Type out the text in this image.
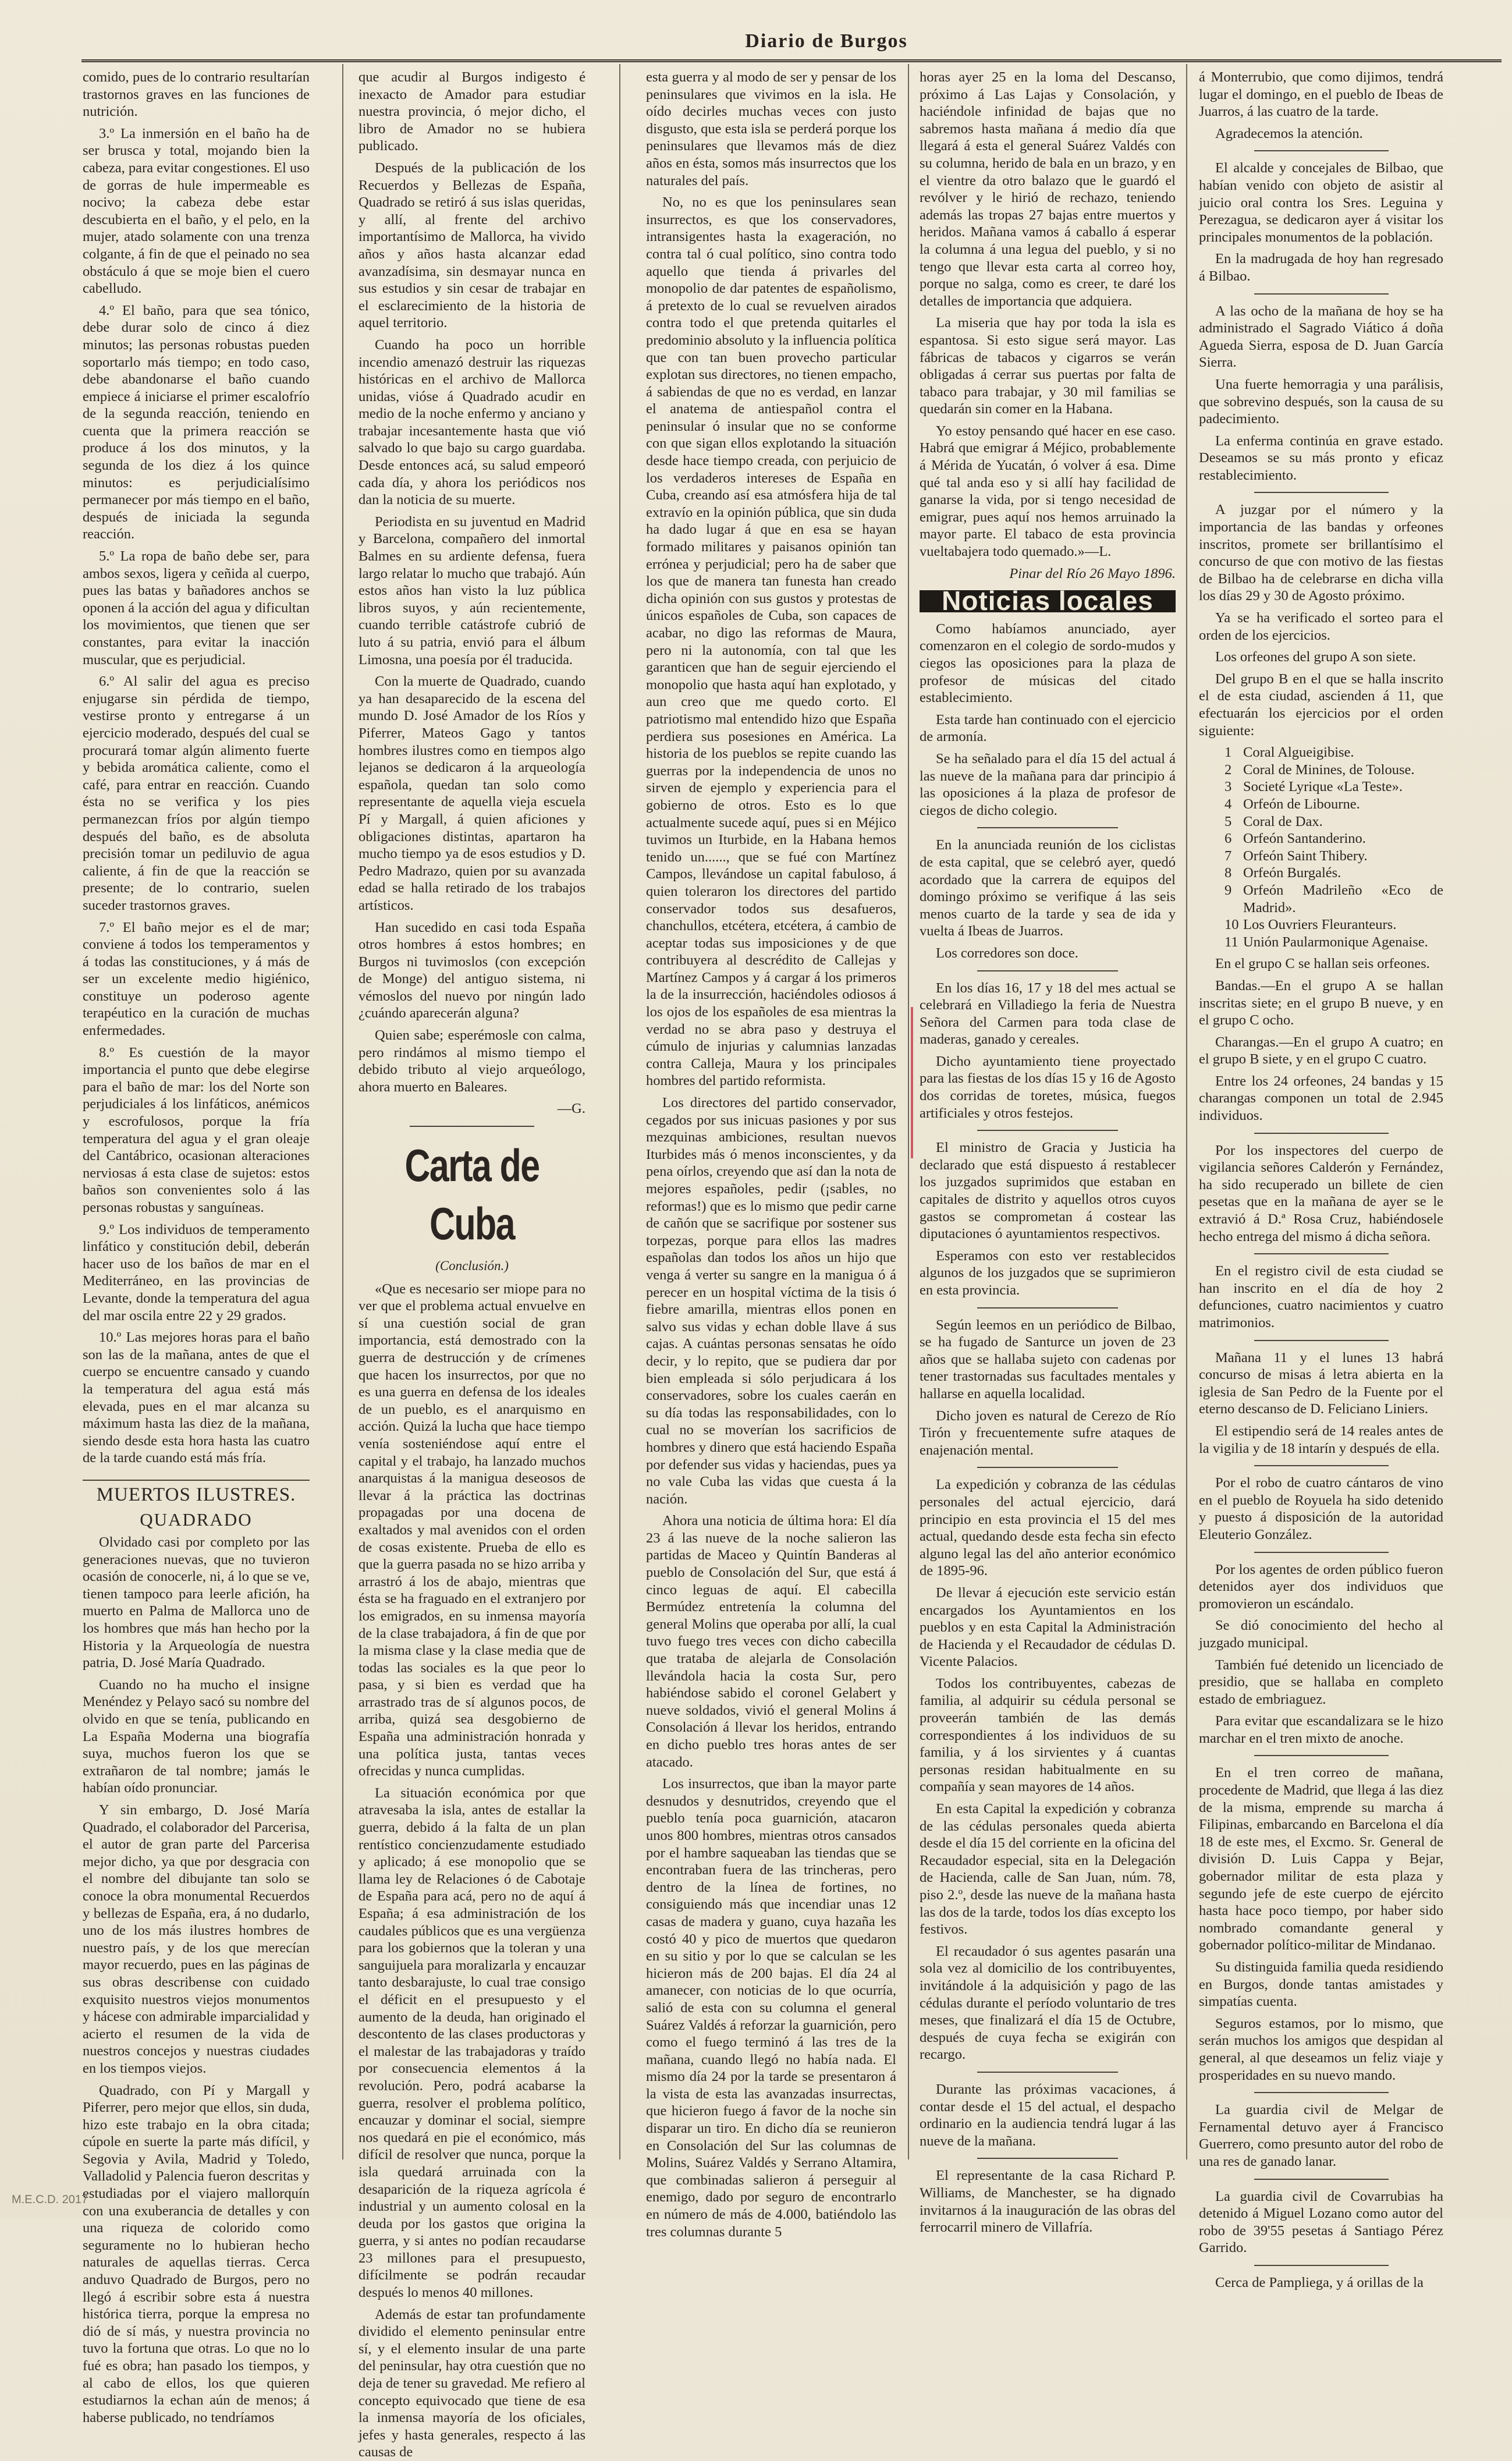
Diario de Burgos

comido, pues de lo contrario resultarían trastornos graves en las funciones de nutrición.

3.º La inmersión en el baño ha de ser brusca y total, mojando bien la cabeza, para evitar congestiones. El uso de gorras de hule impermeable es nocivo; la cabeza debe estar descubierta en el baño, y el pelo, en la mujer, atado solamente con una trenza colgante, á fin de que el peinado no sea obstáculo á que se moje bien el cuero cabelludo.

4.º El baño, para que sea tónico, debe durar solo de cinco á diez minutos; las personas robustas pueden soportarlo más tiempo; en todo caso, debe abandonarse el baño cuando empiece á iniciarse el primer escalofrío de la segunda reacción, teniendo en cuenta que la primera reacción se produce á los dos minutos, y la segunda de los diez á los quince minutos: es perjudicialísimo permanecer por más tiempo en el baño, después de iniciada la segunda reacción.

5.º La ropa de baño debe ser, para ambos sexos, ligera y ceñida al cuerpo, pues las batas y bañadores anchos se oponen á la acción del agua y dificultan los movimientos, que tienen que ser constantes, para evitar la inacción muscular, que es perjudicial.

6.º Al salir del agua es preciso enjugarse sin pérdida de tiempo, vestirse pronto y entregarse á un ejercicio moderado, después del cual se procurará tomar algún alimento fuerte y bebida aromática caliente, como el café, para entrar en reacción. Cuando ésta no se verifica y los pies permanezcan fríos por algún tiempo después del baño, es de absoluta precisión tomar un pediluvio de agua caliente, á fin de que la reacción se presente; de lo contrario, suelen suceder trastornos graves.

7.º El baño mejor es el de mar; conviene á todos los temperamentos y á todas las constituciones, y á más de ser un excelente medio higiénico, constituye un poderoso agente terapéutico en la curación de muchas enfermedades.

8.º Es cuestión de la mayor importancia el punto que debe elegirse para el baño de mar: los del Norte son perjudiciales á los linfáticos, anémicos y escrofulosos, porque la fría temperatura del agua y el gran oleaje del Cantábrico, ocasionan alteraciones nerviosas á esta clase de sujetos: estos baños son convenientes solo á las personas robustas y sanguíneas.

9.º Los individuos de temperamento linfático y constitución debil, deberán hacer uso de los baños de mar en el Mediterráneo, en las provincias de Levante, donde la temperatura del agua del mar oscila entre 22 y 29 grados.

10.º Las mejores horas para el baño son las de la mañana, antes de que el cuerpo se encuentre cansado y cuando la temperatura del agua está más elevada, pues en el mar alcanza su máximum hasta las diez de la mañana, siendo desde esta hora hasta las cuatro de la tarde cuando está más fría.

MUERTOS ILUSTRES.
QUADRADO

Olvidado casi por completo por las generaciones nuevas, que no tuvieron ocasión de conocerle, ni, á lo que se ve, tienen tampoco para leerle afición, ha muerto en Palma de Mallorca uno de los hombres que más han hecho por la Historia y la Arqueología de nuestra patria, D. José María Quadrado.

Cuando no ha mucho el insigne Menéndez y Pelayo sacó su nombre del olvido en que se tenía, publicando en La España Moderna una biografía suya, muchos fueron los que se extrañaron de tal nombre; jamás le habían oído pronunciar.

Y sin embargo, D. José María Quadrado, el colaborador del Parcerisa, el autor de gran parte del Parcerisa mejor dicho, ya que por desgracia con el nombre del dibujante tan solo se conoce la obra monumental Recuerdos y bellezas de España, era, á no dudarlo, uno de los más ilustres hombres de nuestro país, y de los que merecían mayor recuerdo, pues en las páginas de sus obras describense con cuidado exquisito nuestros viejos monumentos y hácese con admirable imparcialidad y acierto el resumen de la vida de nuestros concejos y nuestras ciudades en los tiempos viejos.

Quadrado, con Pí y Margall y Piferrer, pero mejor que ellos, sin duda, hizo este trabajo en la obra citada; cúpole en suerte la parte más difícil, y Segovia y Avila, Madrid y Toledo, Valladolid y Palencia fueron descritas y estudiadas por el viajero mallorquín con una exuberancia de detalles y con una riqueza de colorido como seguramente no lo hubieran hecho naturales de aquellas tierras. Cerca anduvo Quadrado de Burgos, pero no llegó á escribir sobre esta á nuestra histórica tierra, porque la empresa no dió de sí más, y nuestra provincia no tuvo la fortuna que otras. Lo que no lo fué es obra; han pasado los tiempos, y al cabo de ellos, los que quieren estudiarnos la echan aún de menos; á haberse publicado, no tendríamos

que acudir al Burgos indigesto é inexacto de Amador para estudiar nuestra provincia, ó mejor dicho, el libro de Amador no se hubiera publicado.

Después de la publicación de los Recuerdos y Bellezas de España, Quadrado se retiró á sus islas queridas, y allí, al frente del archivo importantísimo de Mallorca, ha vivido años y años hasta alcanzar edad avanzadísima, sin desmayar nunca en sus estudios y sin cesar de trabajar en el esclarecimiento de la historia de aquel territorio.

Cuando ha poco un horrible incendio amenazó destruir las riquezas históricas en el archivo de Mallorca unidas, vióse á Quadrado acudir en medio de la noche enfermo y anciano y trabajar incesantemente hasta que vió salvado lo que bajo su cargo guardaba. Desde entonces acá, su salud empeoró cada día, y ahora los periódicos nos dan la noticia de su muerte.

Periodista en su juventud en Madrid y Barcelona, compañero del inmortal Balmes en su ardiente defensa, fuera largo relatar lo mucho que trabajó. Aún estos años han visto la luz pública libros suyos, y aún recientemente, cuando terrible catástrofe cubrió de luto á su patria, envió para el álbum Limosna, una poesía por él traducida.

Con la muerte de Quadrado, cuando ya han desaparecido de la escena del mundo D. José Amador de los Ríos y Piferrer, Mateos Gago y tantos hombres ilustres como en tiempos algo lejanos se dedicaron á la arqueología española, quedan tan solo como representante de aquella vieja escuela Pí y Margall, á quien aficiones y obligaciones distintas, apartaron ha mucho tiempo ya de esos estudios y D. Pedro Madrazo, quien por su avanzada edad se halla retirado de los trabajos artísticos.

Han sucedido en casi toda España otros hombres á estos hombres; en Burgos ni tuvimoslos (con excepción de Monge) del antiguo sistema, ni vémoslos del nuevo por ningún lado ¿cuándo aparecerán alguna?

Quien sabe; esperémosle con calma, pero rindámos al mismo tiempo el debido tributo al viejo arqueólogo, ahora muerto en Baleares.

—G.
Carta de Cuba
(Conclusión.)

«Que es necesario ser miope para no ver que el problema actual envuelve en sí una cuestión social de gran importancia, está demostrado con la guerra de destrucción y de crímenes que hacen los insurrectos, por que no es una guerra en defensa de los ideales de un pueblo, es el anarquismo en acción. Quizá la lucha que hace tiempo venía sosteniéndose aquí entre el capital y el trabajo, ha lanzado muchos anarquistas á la manigua deseosos de llevar á la práctica las doctrinas propagadas por una docena de exaltados y mal avenidos con el orden de cosas existente. Prueba de ello es que la guerra pasada no se hizo arriba y arrastró á los de abajo, mientras que ésta se ha fraguado en el extranjero por los emigrados, en su inmensa mayoría de la clase trabajadora, á fin de que por la misma clase y la clase media que de todas las sociales es la que peor lo pasa, y si bien es verdad que ha arrastrado tras de sí algunos pocos, de arriba, quizá sea desgobierno de España una administración honrada y una política justa, tantas veces ofrecidas y nunca cumplidas.

La situación económica por que atravesaba la isla, antes de estallar la guerra, debido á la falta de un plan rentístico concienzudamente estudiado y aplicado; á ese monopolio que se llama ley de Relaciones ó de Cabotaje de España para acá, pero no de aquí á España; á esa administración de los caudales públicos que es una vergüenza para los gobiernos que la toleran y una sanguijuela para moralizarla y encauzar tanto desbarajuste, lo cual trae consigo el déficit en el presupuesto y el aumento de la deuda, han originado el descontento de las clases productoras y el malestar de las trabajadoras y traído por consecuencia elementos á la revolución. Pero, podrá acabarse la guerra, resolver el problema político, encauzar y dominar el social, siempre nos quedará en pie el económico, más difícil de resolver que nunca, porque la isla quedará arruinada con la desaparición de la riqueza agrícola é industrial y un aumento colosal en la deuda por los gastos que origina la guerra, y si antes no podían recaudarse 23 millones para el presupuesto, difícilmente se podrán recaudar después lo menos 40 millones.

Además de estar tan profundamente dividido el elemento peninsular entre sí, y el elemento insular de una parte del peninsular, hay otra cuestión que no deja de tener su gravedad. Me refiero al concepto equivocado que tiene de esa la inmensa mayoría de los oficiales, jefes y hasta generales, respecto á las causas de

esta guerra y al modo de ser y pensar de los peninsulares que vivimos en la isla. He oído decirles muchas veces con justo disgusto, que esta isla se perderá porque los peninsulares que llevamos más de diez años en ésta, somos más insurrectos que los naturales del país.

No, no es que los peninsulares sean insurrectos, es que los conservadores, intransigentes hasta la exageración, no contra tal ó cual político, sino contra todo aquello que tienda á privarles del monopolio de dar patentes de españolismo, á pretexto de lo cual se revuelven airados contra todo el que pretenda quitarles el predominio absoluto y la influencia política que con tan buen provecho particular explotan sus directores, no tienen empacho, á sabiendas de que no es verdad, en lanzar el anatema de antiespañol contra el peninsular ó insular que no se conforme con que sigan ellos explotando la situación desde hace tiempo creada, con perjuicio de los verdaderos intereses de España en Cuba, creando así esa atmósfera hija de tal extravío en la opinión pública, que sin duda ha dado lugar á que en esa se hayan formado militares y paisanos opinión tan errónea y perjudicial; pero ha de saber que los que de manera tan funesta han creado dicha opinión con sus gustos y protestas de únicos españoles de Cuba, son capaces de acabar, no digo las reformas de Maura, pero ni la autonomía, con tal que les garanticen que han de seguir ejerciendo el monopolio que hasta aquí han explotado, y aun creo que me quedo corto. El patriotismo mal entendido hizo que España perdiera sus posesiones en América. La historia de los pueblos se repite cuando las guerras por la independencia de unos no sirven de ejemplo y experiencia para el gobierno de otros. Esto es lo que actualmente sucede aquí, pues si en Méjico tuvimos un Iturbide, en la Habana hemos tenido un......, que se fué con Martínez Campos, llevándose un capital fabuloso, á quien toleraron los directores del partido conservador todos sus desafueros, chanchullos, etcétera, etcétera, á cambio de aceptar todas sus imposiciones y de que contribuyera al descrédito de Callejas y Martínez Campos y á cargar á los primeros la de la insurrección, haciéndoles odiosos á los ojos de los españoles de esa mientras la verdad no se abra paso y destruya el cúmulo de injurias y calumnias lanzadas contra Calleja, Maura y los principales hombres del partido reformista.

Los directores del partido conservador, cegados por sus inicuas pasiones y por sus mezquinas ambiciones, resultan nuevos Iturbides más ó menos inconscientes, y da pena oírlos, creyendo que así dan la nota de mejores españoles, pedir (¡sables, no reformas!) que es lo mismo que pedir carne de cañón que se sacrifique por sostener sus torpezas, porque para ellos las madres españolas dan todos los años un hijo que venga á verter su sangre en la manigua ó á perecer en un hospital víctima de la tisis ó fiebre amarilla, mientras ellos ponen en salvo sus vidas y echan doble llave á sus cajas. A cuántas personas sensatas he oído decir, y lo repito, que se pudiera dar por bien empleada si sólo perjudicara á los conservadores, sobre los cuales caerán en su día todas las responsabilidades, con lo cual no se moverían los sacrificios de hombres y dinero que está haciendo España por defender sus vidas y haciendas, pues ya no vale Cuba las vidas que cuesta á la nación.

Ahora una noticia de última hora: El día 23 á las nueve de la noche salieron las partidas de Maceo y Quintín Banderas al pueblo de Consolación del Sur, que está á cinco leguas de aquí. El cabecilla Bermúdez entretenía la columna del general Molins que operaba por allí, la cual tuvo fuego tres veces con dicho cabecilla que trataba de alejarla de Consolación llevándola hacia la costa Sur, pero habiéndose sabido el coronel Gelabert y nueve soldados, vivió el general Molins á Consolación á llevar los heridos, entrando en dicho pueblo tres horas antes de ser atacado.

Los insurrectos, que iban la mayor parte desnudos y desnutridos, creyendo que el pueblo tenía poca guarnición, atacaron unos 800 hombres, mientras otros cansados por el hambre saqueaban las tiendas que se encontraban fuera de las trincheras, pero dentro de la línea de fortines, no consiguiendo más que incendiar unas 12 casas de madera y guano, cuya hazaña les costó 40 y pico de muertos que quedaron en su sitio y por lo que se calculan se les hicieron más de 200 bajas. El día 24 al amanecer, con noticias de lo que ocurría, salió de esta con su columna el general Suárez Valdés á reforzar la guarnición, pero como el fuego terminó á las tres de la mañana, cuando llegó no había nada. El mismo día 24 por la tarde se presentaron á la vista de esta las avanzadas insurrectas, que hicieron fuego á favor de la noche sin disparar un tiro. En dicho día se reunieron en Consolación del Sur las columnas de Molins, Suárez Valdés y Serrano Altamira, que combinadas salieron á perseguir al enemigo, dado por seguro de encontrarlo en número de más de 4.000, batiéndolo las tres columnas durante 5

horas ayer 25 en la loma del Descanso, próximo á Las Lajas y Consolación, y haciéndole infinidad de bajas que no sabremos hasta mañana á medio día que llegará á esta el general Suárez Valdés con su columna, herido de bala en un brazo, y en el vientre da otro balazo que le guardó el revólver y le hirió de rechazo, teniendo además las tropas 27 bajas entre muertos y heridos. Mañana vamos á caballo á esperar la columna á una legua del pueblo, y si no tengo que llevar esta carta al correo hoy, porque no salga, como es creer, te daré los detalles de importancia que adquiera.

La miseria que hay por toda la isla es espantosa. Si esto sigue será mayor. Las fábricas de tabacos y cigarros se verán obligadas á cerrar sus puertas por falta de tabaco para trabajar, y 30 mil familias se quedarán sin comer en la Habana.

Yo estoy pensando qué hacer en ese caso. Habrá que emigrar á Méjico, probablemente á Mérida de Yucatán, ó volver á esa. Dime qué tal anda eso y si allí hay facilidad de ganarse la vida, por si tengo necesidad de emigrar, pues aquí nos hemos arruinado la mayor parte. El tabaco de esta provincia vueltabajera todo quemado.»—L.

Pinar del Río 26 Mayo 1896.
Noticias locales

Como habíamos anunciado, ayer comenzaron en el colegio de sordo-mudos y ciegos las oposiciones para la plaza de profesor de músicas del citado establecimiento.

Esta tarde han continuado con el ejercicio de armonía.

Se ha señalado para el día 15 del actual á las nueve de la mañana para dar principio á las oposiciones á la plaza de profesor de ciegos de dicho colegio.

En la anunciada reunión de los ciclistas de esta capital, que se celebró ayer, quedó acordado que la carrera de equipos del domingo próximo se verifique á las seis menos cuarto de la tarde y sea de ida y vuelta á Ibeas de Juarros.

Los corredores son doce.

En los días 16, 17 y 18 del mes actual se celebrará en Villadiego la feria de Nuestra Señora del Carmen para toda clase de maderas, ganado y cereales.

Dicho ayuntamiento tiene proyectado para las fiestas de los días 15 y 16 de Agosto dos corridas de toretes, música, fuegos artificiales y otros festejos.

El ministro de Gracia y Justicia ha declarado que está dispuesto á restablecer los juzgados suprimidos que estaban en capitales de distrito y aquellos otros cuyos gastos se comprometan á costear las diputaciones ó ayuntamientos respectivos.

Esperamos con esto ver restablecidos algunos de los juzgados que se suprimieron en esta provincia.

Según leemos en un periódico de Bilbao, se ha fugado de Santurce un joven de 23 años que se hallaba sujeto con cadenas por tener trastornadas sus facultades mentales y hallarse en aquella localidad.

Dicho joven es natural de Cerezo de Río Tirón y frecuentemente sufre ataques de enajenación mental.

La expedición y cobranza de las cédulas personales del actual ejercicio, dará principio en esta provincia el 15 del mes actual, quedando desde esta fecha sin efecto alguno legal las del año anterior económico de 1895-96.

De llevar á ejecución este servicio están encargados los Ayuntamientos en los pueblos y en esta Capital la Administración de Hacienda y el Recaudador de cédulas D. Vicente Palacios.

Todos los contribuyentes, cabezas de familia, al adquirir su cédula personal se proveerán también de las demás correspondientes á los individuos de su familia, y á los sirvientes y á cuantas personas residan habitualmente en su compañía y sean mayores de 14 años.

En esta Capital la expedición y cobranza de las cédulas personales queda abierta desde el día 15 del corriente en la oficina del Recaudador especial, sita en la Delegación de Hacienda, calle de San Juan, núm. 78, piso 2.º, desde las nueve de la mañana hasta las dos de la tarde, todos los días excepto los festivos.

El recaudador ó sus agentes pasarán una sola vez al domicilio de los contribuyentes, invitándole á la adquisición y pago de las cédulas durante el período voluntario de tres meses, que finalizará el día 15 de Octubre, después de cuya fecha se exigirán con recargo.

Durante las próximas vacaciones, á contar desde el 15 del actual, el despacho ordinario en la audiencia tendrá lugar á las nueve de la mañana.

El representante de la casa Richard P. Williams, de Manchester, se ha dignado invitarnos á la inauguración de las obras del ferrocarril minero de Villafría.

á Monterrubio, que como dijimos, tendrá lugar el domingo, en el pueblo de Ibeas de Juarros, á las cuatro de la tarde.

Agradecemos la atención.

El alcalde y concejales de Bilbao, que habían venido con objeto de asistir al juicio oral contra los Sres. Leguina y Perezagua, se dedicaron ayer á visitar los principales monumentos de la población.

En la madrugada de hoy han regresado á Bilbao.

A las ocho de la mañana de hoy se ha administrado el Sagrado Viático á doña Agueda Sierra, esposa de D. Juan García Sierra.

Una fuerte hemorragia y una parálisis, que sobrevino después, son la causa de su padecimiento.

La enferma continúa en grave estado. Deseamos se su más pronto y eficaz restablecimiento.

A juzgar por el número y la importancia de las bandas y orfeones inscritos, promete ser brillantísimo el concurso de que con motivo de las fiestas de Bilbao ha de celebrarse en dicha villa los días 29 y 30 de Agosto próximo.

Ya se ha verificado el sorteo para el orden de los ejercicios.

Los orfeones del grupo A son siete.

Del grupo B en el que se halla inscrito el de esta ciudad, ascienden á 11, que efectuarán los ejercicios por el orden siguiente:

1 Coral Algueigibise.
2 Coral de Minines, de Tolouse.
3 Societé Lyrique «La Teste».
4 Orfeón de Libourne.
5 Coral de Dax.
6 Orfeón Santanderino.
7 Orfeón Saint Thibery.
8 Orfeón Burgalés.
9 Orfeón Madrileño «Eco de Madrid».
10 Los Ouvriers Fleuranteurs.
11 Unión Paularmonique Agenaise.

En el grupo C se hallan seis orfeones.

Bandas.—En el grupo A se hallan inscritas siete; en el grupo B nueve, y en el grupo C ocho.

Charangas.—En el grupo A cuatro; en el grupo B siete, y en el grupo C cuatro.

Entre los 24 orfeones, 24 bandas y 15 charangas componen un total de 2.945 individuos.

Por los inspectores del cuerpo de vigilancia señores Calderón y Fernández, ha sido recuperado un billete de cien pesetas que en la mañana de ayer se le extravió á D.ª Rosa Cruz, habiéndosele hecho entrega del mismo á dicha señora.

En el registro civil de esta ciudad se han inscrito en el día de hoy 2 defunciones, cuatro nacimientos y cuatro matrimonios.

Mañana 11 y el lunes 13 habrá concurso de misas á letra abierta en la iglesia de San Pedro de la Fuente por el eterno descanso de D. Feliciano Liniers.

El estipendio será de 14 reales antes de la vigilia y de 18 intarín y después de ella.

Por el robo de cuatro cántaros de vino en el pueblo de Royuela ha sido detenido y puesto á disposición de la autoridad Eleuterio González.

Por los agentes de orden público fueron detenidos ayer dos individuos que promovieron un escándalo.

Se dió conocimiento del hecho al juzgado municipal.

También fué detenido un licenciado de presidio, que se hallaba en completo estado de embriaguez.

Para evitar que escandalizara se le hizo marchar en el tren mixto de anoche.

En el tren correo de mañana, procedente de Madrid, que llega á las diez de la misma, emprende su marcha á Filipinas, embarcando en Barcelona el día 18 de este mes, el Excmo. Sr. General de división D. Luis Cappa y Bejar, gobernador militar de esta plaza y segundo jefe de este cuerpo de ejército hasta hace poco tiempo, por haber sido nombrado comandante general y gobernador político-militar de Mindanao.

Su distinguida familia queda residiendo en Burgos, donde tantas amistades y simpatías cuenta.

Seguros estamos, por lo mismo, que serán muchos los amigos que despidan al general, al que deseamos un feliz viaje y prosperidades en su nuevo mando.

La guardia civil de Melgar de Fernamental detuvo ayer á Francisco Guerrero, como presunto autor del robo de una res de ganado lanar.

La guardia civil de Covarrubias ha detenido á Miguel Lozano como autor del robo de 39'55 pesetas á Santiago Pérez Garrido.

Cerca de Pampliega, y á orillas de la

M.E.C.D. 2017
